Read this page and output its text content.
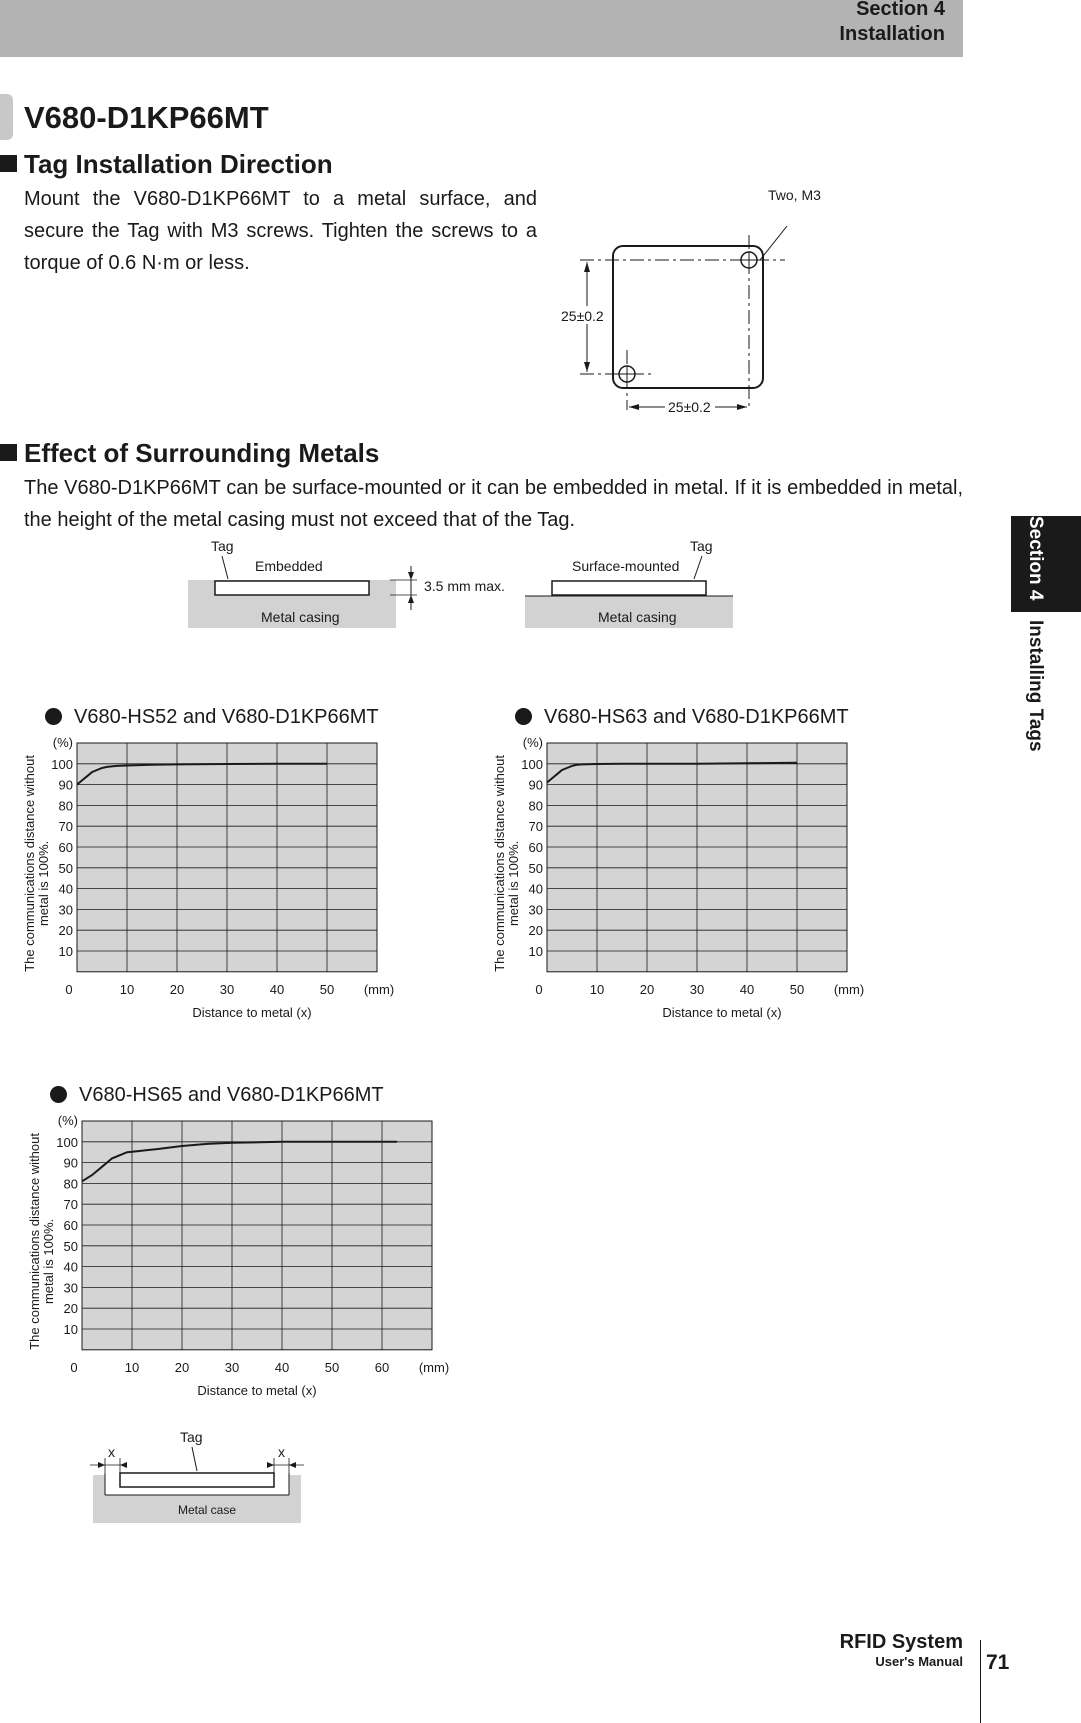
Section 4
Installation
V680-D1KP66MT
Tag Installation Direction

Mount the V680-D1KP66MT to a metal surface, and secure the Tag with M3 screws. Tighten the screws to a torque of 0.6 N·m or less.

Two, M3
25±0.2
25±0.2
Effect of Surrounding Metals

The V680-D1KP66MT can be surface-mounted or it can be embedded in metal. If it is embedded in metal, the height of the metal casing must not exceed that of the Tag.

Tag
Embedded
Metal casing
3.5 mm max.
Tag
Surface-mounted
Metal casing
V680-HS52 and V680-D1KP66MT	V680-HS63 and V680-D1KP66MT
V680-HS65 and V680-D1KP66MT
10
20
30
40
50
60
70
80
90
100
(%)
0	10	20	30	40	50 (mm)
Distance to metal (x)
The communications distance without metal is 100%.
10
20
30
40
50
60
70
80
90
100
(%)
0	10	20	30	40	50 (mm)
Distance to metal (x)
The communications distance without metal is 100%.
10
20
30
40
50
60
70
80
90
100
(%)
0	10	20	30	40	50	60 (mm)
Distance to metal (x)
The communications distance without metal is 100%.
Tag
x	x
Metal case
Section 4Installing Tags
RFID System
User's Manual 71
